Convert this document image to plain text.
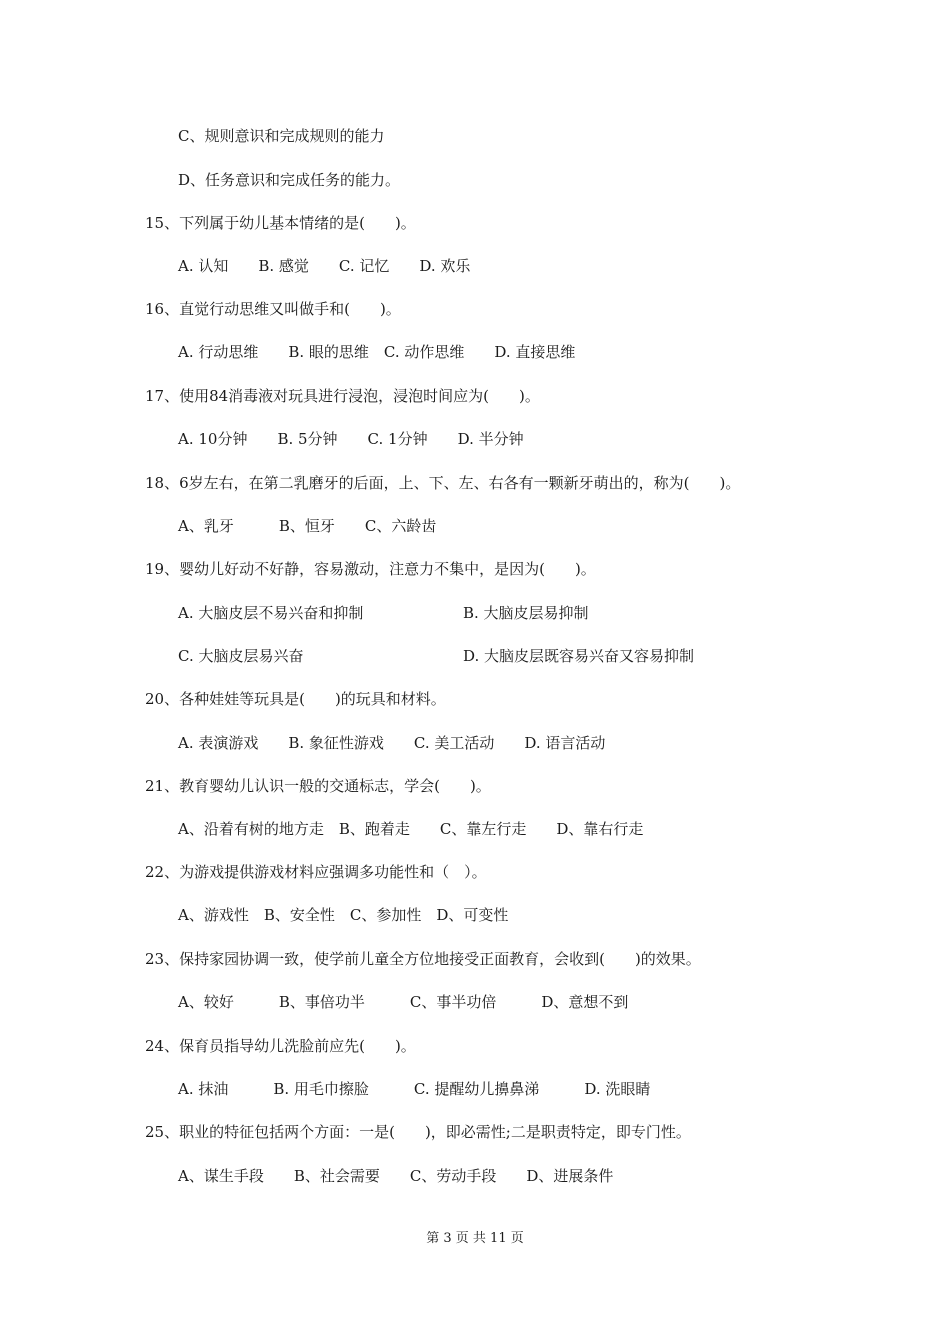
C、规则意识和完成规则的能力
D、任务意识和完成任务的能力。
15、下列属于幼儿基本情绪的是(　　)。
A. 认知　　B. 感觉　　C. 记忆　　D. 欢乐
16、直觉行动思维又叫做手和(　　)。
A. 行动思维　　B. 眼的思维　C. 动作思维　　D. 直接思维
17、使用84消毒液对玩具进行浸泡，浸泡时间应为(　　)。
A. 10分钟　　B. 5分钟　　C. 1分钟　　D. 半分钟
18、6岁左右，在第二乳磨牙的后面，上、下、左、右各有一颗新牙萌出的，称为(　　)。
A、乳牙　　　B、恒牙　　C、六龄齿
19、婴幼儿好动不好静，容易激动，注意力不集中，是因为(　　)。
A. 大脑皮层不易兴奋和抑制	B. 大脑皮层易抑制
C. 大脑皮层易兴奋	D. 大脑皮层既容易兴奋又容易抑制
20、各种娃娃等玩具是(　　)的玩具和材料。
A. 表演游戏　　B. 象征性游戏　　C. 美工活动　　D. 语言活动
21、教育婴幼儿认识一般的交通标志，学会(　　)。
A、沿着有树的地方走　B、跑着走　　C、靠左行走　　D、靠右行走
22、为游戏提供游戏材料应强调多功能性和（　）。
A、游戏性　B、安全性　C、参加性　D、可变性
23、保持家园协调一致，使学前儿童全方位地接受正面教育，会收到(　　)的效果。
A、较好　　　B、事倍功半　　　C、事半功倍　　　D、意想不到
24、保育员指导幼儿洗脸前应先(　　)。
A. 抹油　　　B. 用毛巾擦脸　　　C. 提醒幼儿擤鼻涕　　　D. 洗眼睛
25、职业的特征包括两个方面：一是(　　)，即必需性;二是职责特定，即专门性。
A、谋生手段　　B、社会需要　　C、劳动手段　　D、进展条件
第 3 页 共 11 页
